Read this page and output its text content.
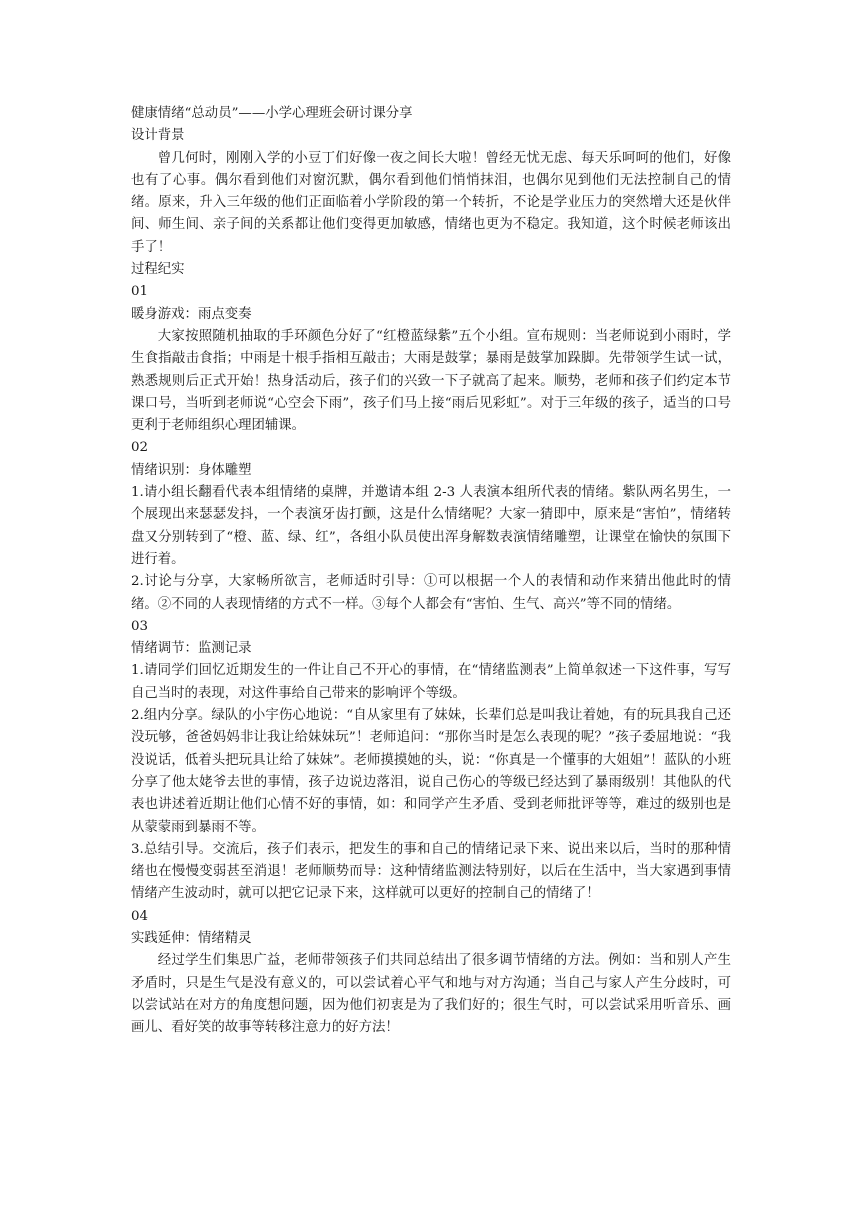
健康情绪“总动员”——小学心理班会研讨课分享

设计背景

曾几何时，刚刚入学的小豆丁们好像一夜之间长大啦！曾经无忧无虑、每天乐呵呵的他们，好像也有了心事。偶尔看到他们对窗沉默，偶尔看到他们悄悄抹泪，也偶尔见到他们无法控制自己的情绪。原来，升入三年级的他们正面临着小学阶段的第一个转折，不论是学业压力的突然增大还是伙伴间、师生间、亲子间的关系都让他们变得更加敏感，情绪也更为不稳定。我知道，这个时候老师该出手了！

过程纪实

01

暖身游戏：雨点变奏

大家按照随机抽取的手环颜色分好了“红橙蓝绿紫”五个小组。宣布规则：当老师说到小雨时，学生食指敲击食指；中雨是十根手指相互敲击；大雨是鼓掌；暴雨是鼓掌加跺脚。先带领学生试一试，熟悉规则后正式开始！热身活动后，孩子们的兴致一下子就高了起来。顺势，老师和孩子们约定本节课口号，当听到老师说“心空会下雨”，孩子们马上接“雨后见彩虹”。对于三年级的孩子，适当的口号更利于老师组织心理团辅课。

02

情绪识别：身体雕塑

1.请小组长翻看代表本组情绪的桌牌，并邀请本组 2-3 人表演本组所代表的情绪。紫队两名男生，一个展现出来瑟瑟发抖，一个表演牙齿打颤，这是什么情绪呢？大家一猜即中，原来是“害怕”，情绪转盘又分别转到了“橙、蓝、绿、红”，各组小队员使出浑身解数表演情绪雕塑，让课堂在愉快的氛围下进行着。

2.讨论与分享，大家畅所欲言，老师适时引导：①可以根据一个人的表情和动作来猜出他此时的情绪。②不同的人表现情绪的方式不一样。③每个人都会有“害怕、生气、高兴”等不同的情绪。

03

情绪调节：监测记录

1.请同学们回忆近期发生的一件让自己不开心的事情，在“情绪监测表”上简单叙述一下这件事，写写自己当时的表现，对这件事给自己带来的影响评个等级。

2.组内分享。绿队的小宇伤心地说：“自从家里有了妹妹，长辈们总是叫我让着她，有的玩具我自己还没玩够，爸爸妈妈非让我让给妹妹玩”！老师追问：“那你当时是怎么表现的呢？”孩子委屈地说：“我没说话，低着头把玩具让给了妹妹”。老师摸摸她的头，说：“你真是一个懂事的大姐姐”！蓝队的小班分享了他太姥爷去世的事情，孩子边说边落泪，说自己伤心的等级已经达到了暴雨级别！其他队的代表也讲述着近期让他们心情不好的事情，如：和同学产生矛盾、受到老师批评等等，难过的级别也是从蒙蒙雨到暴雨不等。

3.总结引导。交流后，孩子们表示，把发生的事和自己的情绪记录下来、说出来以后，当时的那种情绪也在慢慢变弱甚至消退！老师顺势而导：这种情绪监测法特别好，以后在生活中，当大家遇到事情情绪产生波动时，就可以把它记录下来，这样就可以更好的控制自己的情绪了！

04

实践延伸：情绪精灵

经过学生们集思广益，老师带领孩子们共同总结出了很多调节情绪的方法。例如：当和别人产生矛盾时，只是生气是没有意义的，可以尝试着心平气和地与对方沟通；当自己与家人产生分歧时，可以尝试站在对方的角度想问题，因为他们初衷是为了我们好的；很生气时，可以尝试采用听音乐、画画儿、看好笑的故事等转移注意力的好方法！
